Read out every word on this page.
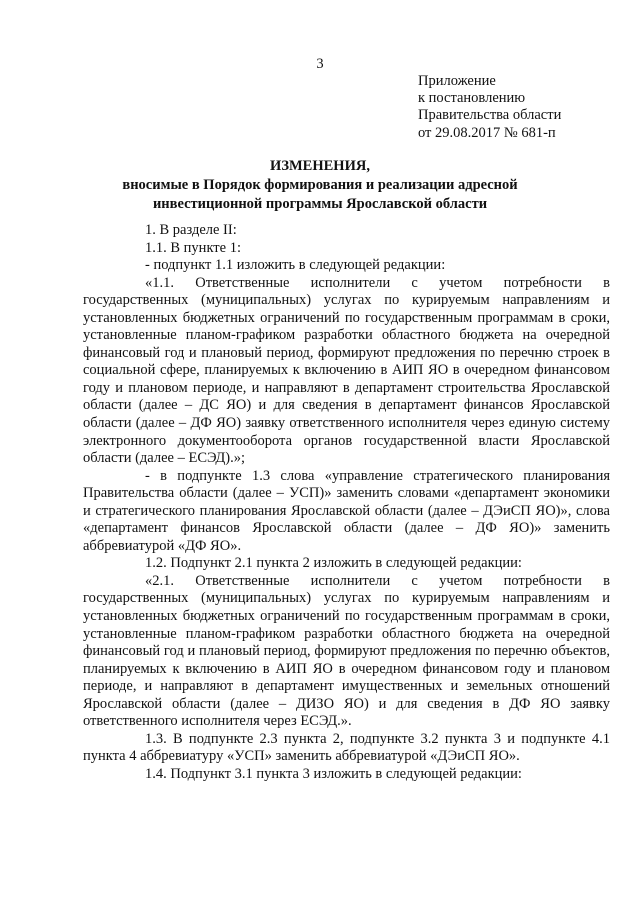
3
Приложение
к постановлению
Правительства области
от 29.08.2017 № 681-п
ИЗМЕНЕНИЯ,
вносимые в Порядок формирования и реализации адресной
инвестиционной программы Ярославской области

1. В разделе II:

1.1. В пункте 1:

- подпункт 1.1 изложить в следующей редакции:

«1.1. Ответственные исполнители с учетом потребности в государственных (муниципальных) услугах по курируемым направлениям и установленных бюджетных ограничений по государственным программам в сроки, установленные планом-графиком разработки областного бюджета на очередной финансовый год и плановый период, формируют предложения по перечню строек в социальной сфере, планируемых к включению в АИП ЯО в очередном финансовом году и плановом периоде, и направляют в департамент строительства Ярославской области (далее – ДС ЯО) и для сведения в департамент финансов Ярославской области (далее – ДФ ЯО) заявку ответственного исполнителя через единую систему электронного документооборота органов государственной власти Ярославской области (далее – ЕСЭД).»;

- в подпункте 1.3 слова «управление стратегического планирования Правительства области (далее – УСП)» заменить словами «департамент экономики и стратегического планирования Ярославской области (далее – ДЭиСП ЯО)», слова «департамент финансов Ярославской области (далее – ДФ ЯО)» заменить аббревиатурой «ДФ ЯО».

1.2. Подпункт 2.1 пункта 2 изложить в следующей редакции:

«2.1. Ответственные исполнители с учетом потребности в государственных (муниципальных) услугах по курируемым направлениям и установленных бюджетных ограничений по государственным программам в сроки, установленные планом-графиком разработки областного бюджета на очередной финансовый год и плановый период, формируют предложения по перечню объектов, планируемых к включению в АИП ЯО в очередном финансовом году и плановом периоде, и направляют в департамент имущественных и земельных отношений Ярославской области (далее – ДИЗО ЯО) и для сведения в ДФ ЯО заявку ответственного исполнителя через ЕСЭД.».

1.3. В подпункте 2.3 пункта 2, подпункте 3.2 пункта 3 и подпункте 4.1 пункта 4 аббревиатуру «УСП» заменить аббревиатурой «ДЭиСП ЯО».

1.4. Подпункт 3.1 пункта 3 изложить в следующей редакции:
